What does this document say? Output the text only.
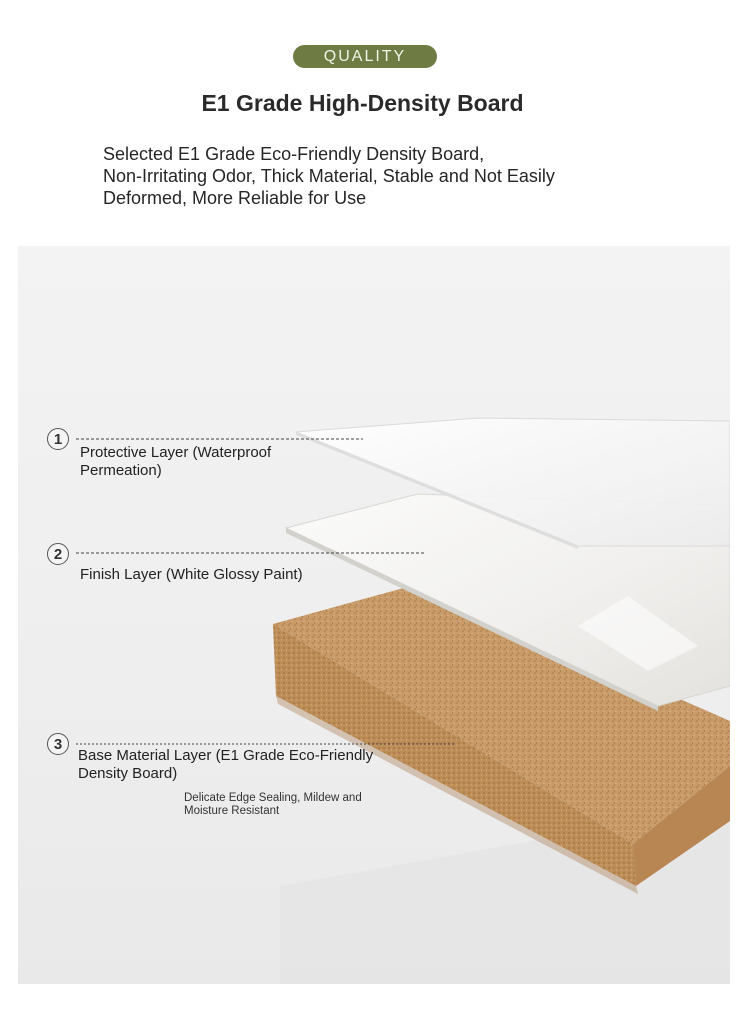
QUALITY
E1 Grade High-Density Board
Selected E1 Grade Eco-Friendly Density Board,
Non-Irritating Odor, Thick Material, Stable and Not Easily
Deformed, More Reliable for Use
1
Protective Layer (Waterproof
Permeation)
2
Finish Layer (White Glossy Paint)
3
Base Material Layer (E1 Grade Eco-Friendly
Density Board)
Delicate Edge Sealing, Mildew and
Moisture Resistant
